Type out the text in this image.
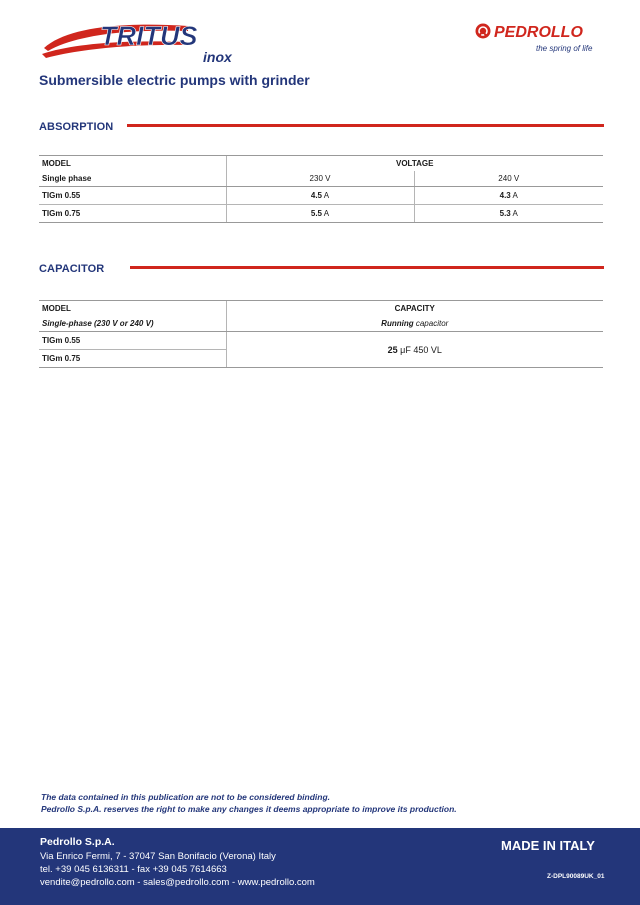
TRITUS
inox
PEDROLLO
the spring of life
Submersible electric pumps with grinder
ABSORPTION
MODEL	VOLTAGE	
Single phase	230 V	240 V
TIGm 0.55	4.5 A	4.3 A
TIGm 0.75	5.5 A	5.3 A
CAPACITOR
MODEL	CAPACITY
Single-phase (230 V or 240 V)	Running capacitor
TIGm 0.55	25 μF 450 VL
TIGm 0.75	
The data contained in this publication are not to be considered binding.
Pedrollo S.p.A. reserves the right to make any changes it deems appropriate to improve its production.
Pedrollo S.p.A.
Via Enrico Fermi, 7 - 37047 San Bonifacio (Verona) Italy
tel. +39 045 6136311 - fax +39 045 7614663
vendite@pedrollo.com - sales@pedrollo.com - www.pedrollo.com
MADE IN ITALY
Z-DPL90089UK_01
